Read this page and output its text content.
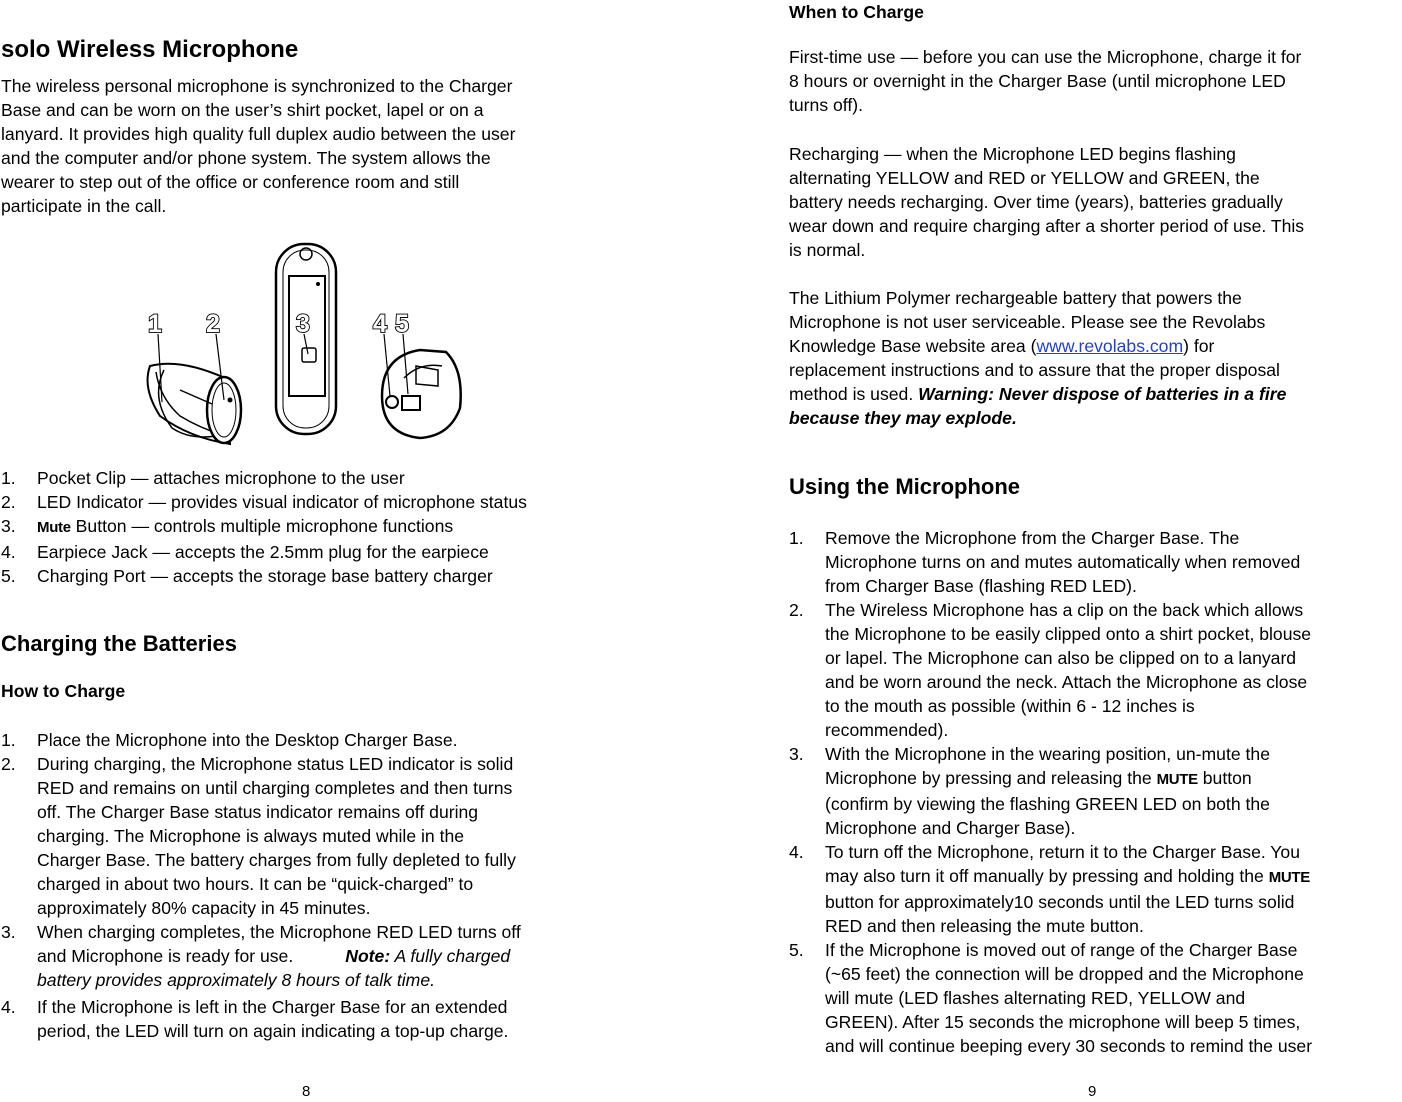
solo Wireless Microphone
The wireless personal microphone is synchronized to the Charger
Base and can be worn on the user’s shirt pocket, lapel or on a
lanyard. It provides high quality full duplex audio between the user
and the computer and/or phone system. The system allows the
wearer to step out of the office or conference room and still
participate in the call.
1 2	3	4 5
1. Pocket Clip — attaches microphone to the user
2. LED Indicator — provides visual indicator of microphone status
3. Mute Button — controls multiple microphone functions
4. Earpiece Jack — accepts the 2.5mm plug for the earpiece
5. Charging Port — accepts the storage base battery charger
Charging the Batteries
How to Charge
1. Place the Microphone into the Desktop Charger Base.
2. During charging, the Microphone status LED indicator is solid
RED and remains on until charging completes and then turns
off. The Charger Base status indicator remains off during
charging. The Microphone is always muted while in the
Charger Base. The battery charges from fully depleted to fully
charged in about two hours. It can be “quick-charged” to
approximately 80% capacity in 45 minutes.
3. When charging completes, the Microphone RED LED turns off
and Microphone is ready for use.	Note: A fully charged
battery provides approximately 8 hours of talk time.
4. If the Microphone is left in the Charger Base for an extended
period, the LED will turn on again indicating a top-up charge.
8
When to Charge
First-time use — before you can use the Microphone, charge it for
8 hours or overnight in the Charger Base (until microphone LED
turns off).
Recharging — when the Microphone LED begins flashing
alternating YELLOW and RED or YELLOW and GREEN, the
battery needs recharging. Over time (years), batteries gradually
wear down and require charging after a shorter period of use. This
is normal.
The Lithium Polymer rechargeable battery that powers the
Microphone is not user serviceable. Please see the Revolabs
Knowledge Base website area (www.revolabs.com) for
replacement instructions and to assure that the proper disposal
method is used. Warning: Never dispose of batteries in a fire
because they may explode.
Using the Microphone
1. Remove the Microphone from the Charger Base. The
Microphone turns on and mutes automatically when removed
from Charger Base (flashing RED LED).
2. The Wireless Microphone has a clip on the back which allows
the Microphone to be easily clipped onto a shirt pocket, blouse
or lapel. The Microphone can also be clipped on to a lanyard
and be worn around the neck. Attach the Microphone as close
to the mouth as possible (within 6 - 12 inches is
recommended).
3. With the Microphone in the wearing position, un-mute the
Microphone by pressing and releasing the MUTE button
(confirm by viewing the flashing GREEN LED on both the
Microphone and Charger Base).
4. To turn off the Microphone, return it to the Charger Base. You
may also turn it off manually by pressing and holding the MUTE
button for approximately10 seconds until the LED turns solid
RED and then releasing the mute button.
5. If the Microphone is moved out of range of the Charger Base
(~65 feet) the connection will be dropped and the Microphone
will mute (LED flashes alternating RED, YELLOW and
GREEN). After 15 seconds the microphone will beep 5 times,
and will continue beeping every 30 seconds to remind the user
9
